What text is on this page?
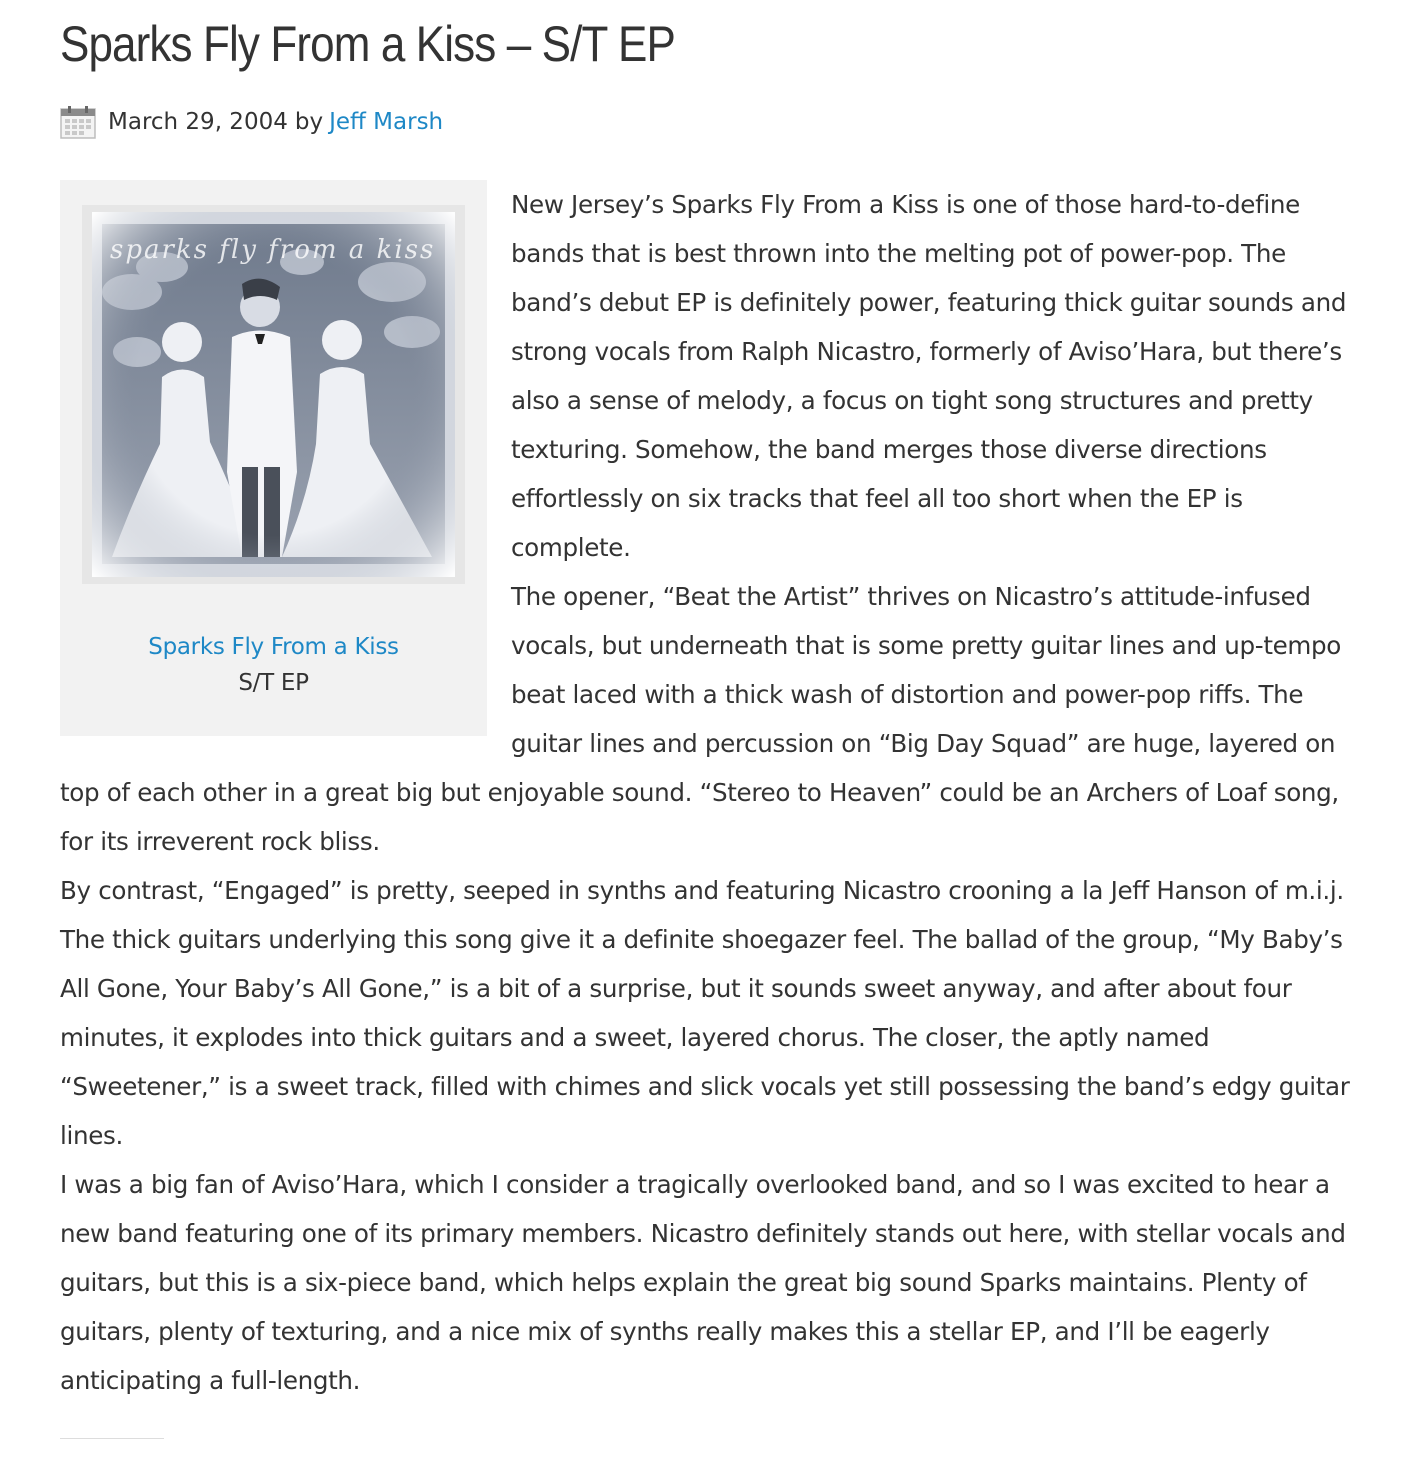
Sparks Fly From a Kiss – S/T EP
March 29, 2004 by Jeff Marsh
sparks fly from a kiss
Sparks Fly From a Kiss
S/T EP

New Jersey’s Sparks Fly From a Kiss is one of those hard-to-define bands that is best thrown into the melting pot of power-pop. The band’s debut EP is definitely power, featuring thick guitar sounds and strong vocals from Ralph Nicastro, formerly of Aviso’Hara, but there’s also a sense of melody, a focus on tight song structures and pretty texturing. Somehow, the band merges those diverse directions effortlessly on six tracks that feel all too short when the EP is complete.

The opener, “Beat the Artist” thrives on Nicastro’s attitude-infused vocals, but underneath that is some pretty guitar lines and up-tempo beat laced with a thick wash of distortion and power-pop riffs. The guitar lines and percussion on “Big Day Squad” are huge, layered on top of each other in a great big but enjoyable sound. “Stereo to Heaven” could be an Archers of Loaf song, for its irreverent rock bliss.

By contrast, “Engaged” is pretty, seeped in synths and featuring Nicastro crooning a la Jeff Hanson of m.i.j. The thick guitars underlying this song give it a definite shoegazer feel. The ballad of the group, “My Baby’s All Gone, Your Baby’s All Gone,” is a bit of a surprise, but it sounds sweet anyway, and after about four minutes, it explodes into thick guitars and a sweet, layered chorus. The closer, the aptly named “Sweetener,” is a sweet track, filled with chimes and slick vocals yet still possessing the band’s edgy guitar lines.

I was a big fan of Aviso’Hara, which I consider a tragically overlooked band, and so I was excited to hear a new band featuring one of its primary members. Nicastro definitely stands out here, with stellar vocals and guitars, but this is a six-piece band, which helps explain the great big sound Sparks maintains. Plenty of guitars, plenty of texturing, and a nice mix of synths really makes this a stellar EP, and I’ll be eagerly anticipating a full-length.
